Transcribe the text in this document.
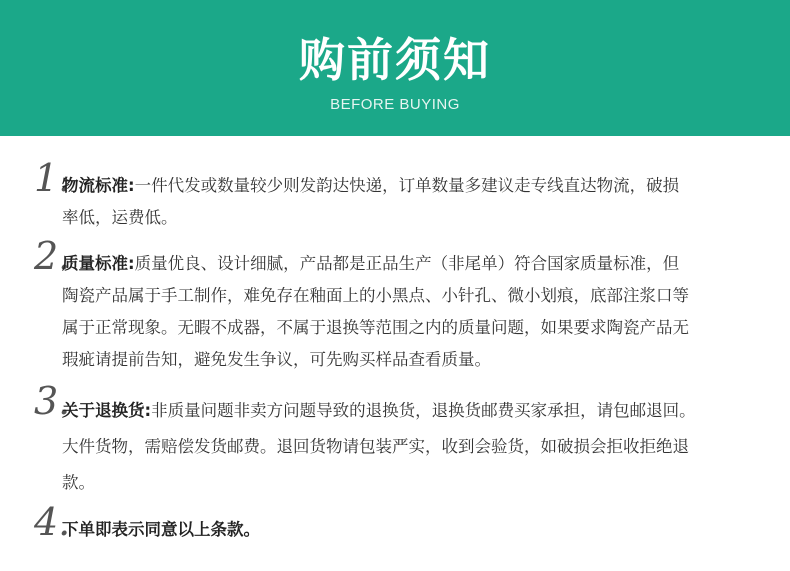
购前须知
BEFORE BUYING
1.
物流标准:一件代发或数量较少则发韵达快递，订单数量多建议走专线直达物流，破损
率低，运费低。
2.
质量标准:质量优良、设计细腻，产品都是正品生产（非尾单）符合国家质量标准，但
陶瓷产品属于手工制作，难免存在釉面上的小黑点、小针孔、微小划痕，底部注浆口等
属于正常现象。无暇不成器，不属于退换等范围之内的质量问题，如果要求陶瓷产品无
瑕疵请提前告知，避免发生争议，可先购买样品查看质量。
3.
关于退换货:非质量问题非卖方问题导致的退换货，退换货邮费买家承担，请包邮退回。
大件货物，需赔偿发货邮费。退回货物请包装严实，收到会验货，如破损会拒收拒绝退
款。
4.
下单即表示同意以上条款。
